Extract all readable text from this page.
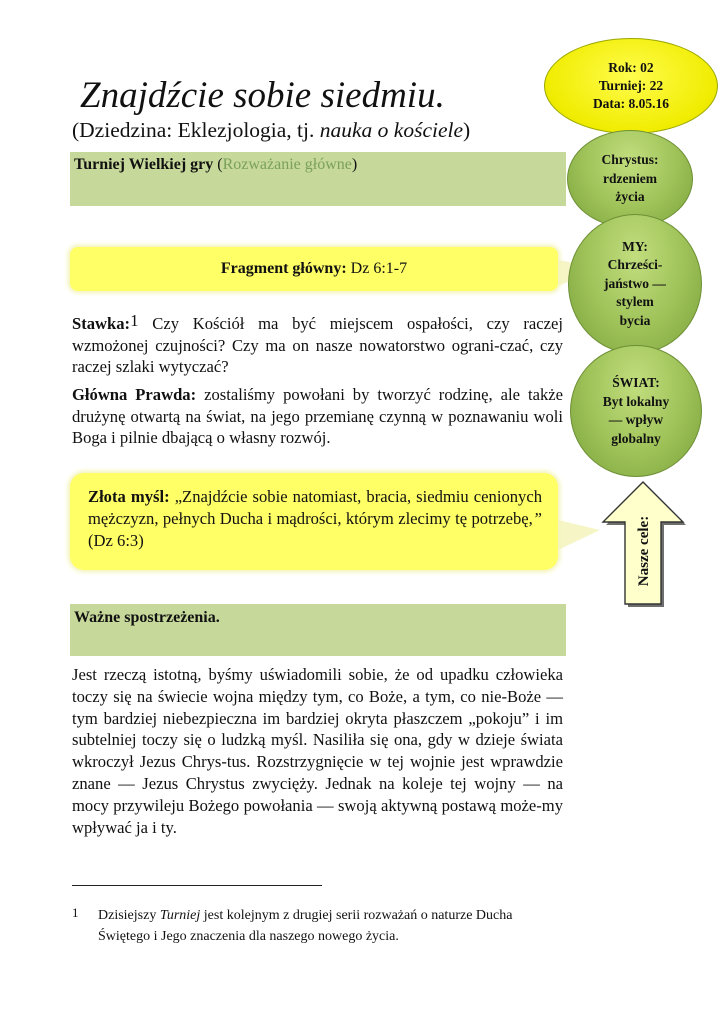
Znajdźcie sobie siedmiu.
(Dziedzina: Eklezjologia, tj. nauka o kościele)
Turniej Wielkiej gry (Rozważanie główne)
Fragment główny: Dz 6:1-7
Stawka:$^1$ Czy Kościół ma być miejscem ospałości, czy raczej wzmożonej czujności? Czy ma on nasze nowatorstwo ograni-czać, czy raczej szlaki wytyczać?
Główna Prawda: zostaliśmy powołani by tworzyć rodzinę, ale także drużynę otwartą na świat, na jego przemianę czynną w poznawaniu woli Boga i pilnie dbającą o własny rozwój.
Złota myśl: „Znajdźcie sobie natomiast, bracia, siedmiu cenionych mężczyzn, pełnych Ducha i mądrości, którym zlecimy tę potrzebę,” (Dz 6:3)
Ważne spostrzeżenia.
Jest rzeczą istotną, byśmy uświadomili sobie, że od upadku człowieka toczy się na świecie wojna między tym, co Boże, a tym, co nie-Boże — tym bardziej niebezpieczna im bardziej okryta płaszczem „pokoju” i im subtelniej toczy się o ludzką myśl. Nasiliła się ona, gdy w dzieje świata wkroczył Jezus Chrys-tus. Rozstrzygnięcie w tej wojnie jest wprawdzie znane — Jezus Chrystus zwycięży. Jednak na koleje tej wojny — na mocy przywileju Bożego powołania — swoją aktywną postawą może-my wpływać ja i ty.
1 Dzisiejszy Turniej jest kolejnym z drugiej serii rozważań o naturze Ducha Świętego i Jego znaczenia dla naszego nowego życia.
Rok: 02
Turniej: 22
Data: 8.05.16
Chrystus:
rdzeniem
życia
MY:
Chrześci-
jaństwo —
stylem
bycia
ŚWIAT:
Byt lokalny
— wpływ
globalny
Nasze cele:
